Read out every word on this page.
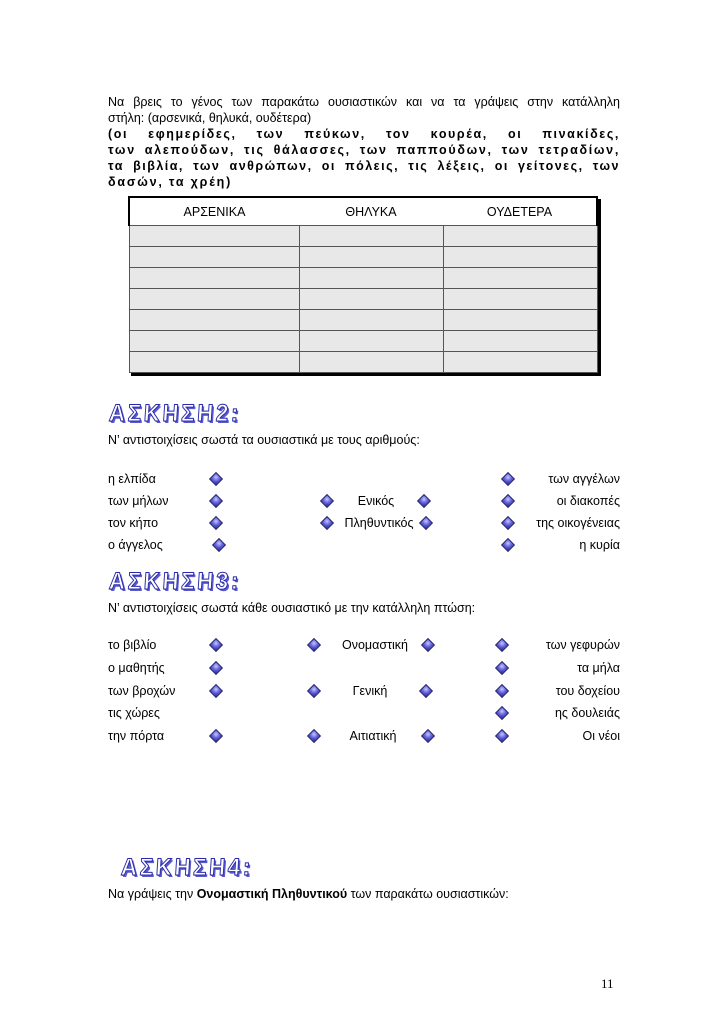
Να βρεις το γένος των παρακάτω ουσιαστικών και να τα γράψεις στην κατάλληλη
στήλη: (αρσενικά, θηλυκά, ουδέτερα)
(οι εφημερίδες, των πεύκων, τον κουρέα, οι πινακίδες,
των αλεπούδων, τις θάλασσες, των παππούδων, των τετραδίων,
τα βιβλία, των ανθρώπων, οι πόλεις, τις λέξεις, οι γείτονες, των
δασών, τα χρέη)
ΑΡΣΕΝΙΚΑ	ΘΗΛΥΚΑ	ΟΥΔΕΤΕΡΑ

ΑΣΚΗΣΗ2:
Ν’ αντιστοιχίσεις σωστά τα ουσιαστικά με τους αριθμούς:
η ελπίδα
των μήλων
τον κήπο
ο άγγελος
Ενικός
Πληθυντικός
των αγγέλων
οι διακοπές
της οικογένειας
η κυρία
ΑΣΚΗΣΗ3:
Ν’ αντιστοιχίσεις σωστά κάθε ουσιαστικό με την κατάλληλη πτώση:
το βιβλίο
ο μαθητής
των βροχών
τις χώρες
την πόρτα
Ονομαστική
Γενική
Αιτιατική
των γεφυρών
τα μήλα
του δοχείου
ης δουλειάς
Οι νέοι
ΑΣΚΗΣΗ4:
Να γράψεις την Ονομαστική Πληθυντικού των παρακάτω ουσιαστικών:
11
